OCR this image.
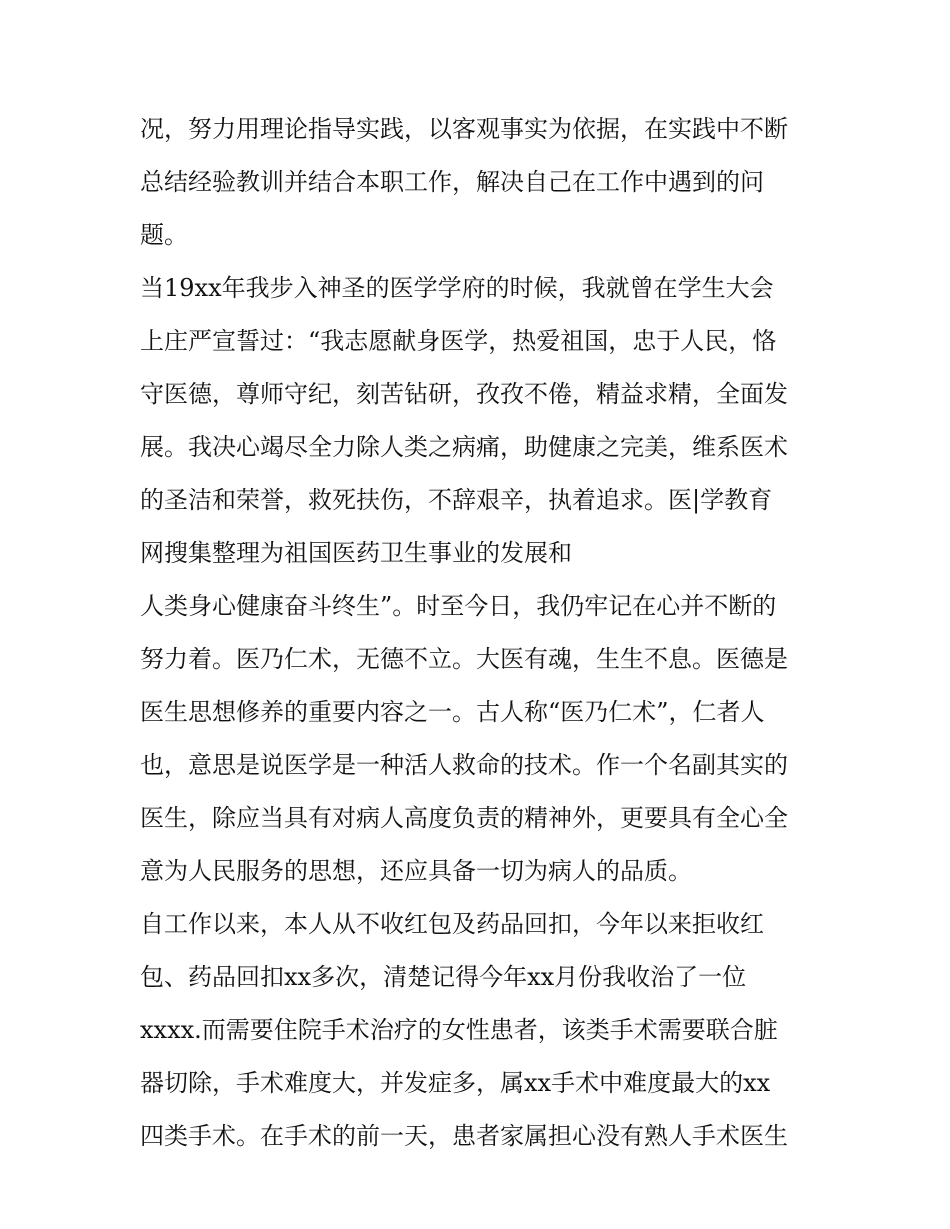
况，努力用理论指导实践，以客观事实为依据，在实践中不断
总结经验教训并结合本职工作，解决自己在工作中遇到的问
题。
当19xx年我步入神圣的医学学府的时候，我就曾在学生大会
上庄严宣誓过：“我志愿献身医学，热爱祖国，忠于人民，恪
守医德，尊师守纪，刻苦钻研，孜孜不倦，精益求精，全面发
展。我决心竭尽全力除人类之病痛，助健康之完美，维系医术
的圣洁和荣誉，救死扶伤，不辞艰辛，执着追求。医|学教育
网搜集整理为祖国医药卫生事业的发展和
人类身心健康奋斗终生”。时至今日，我仍牢记在心并不断的
努力着。医乃仁术，无德不立。大医有魂，生生不息。医德是
医生思想修养的重要内容之一。古人称“医乃仁术”，仁者人
也，意思是说医学是一种活人救命的技术。作一个名副其实的
医生，除应当具有对病人高度负责的精神外，更要具有全心全
意为人民服务的思想，还应具备一切为病人的品质。
自工作以来，本人从不收红包及药品回扣，今年以来拒收红
包、药品回扣xx多次，清楚记得今年xx月份我收治了一位
xxxx.而需要住院手术治疗的女性患者，该类手术需要联合脏
器切除，手术难度大，并发症多，属xx手术中难度最大的xx
四类手术。在手术的前一天，患者家属担心没有熟人手术医生
